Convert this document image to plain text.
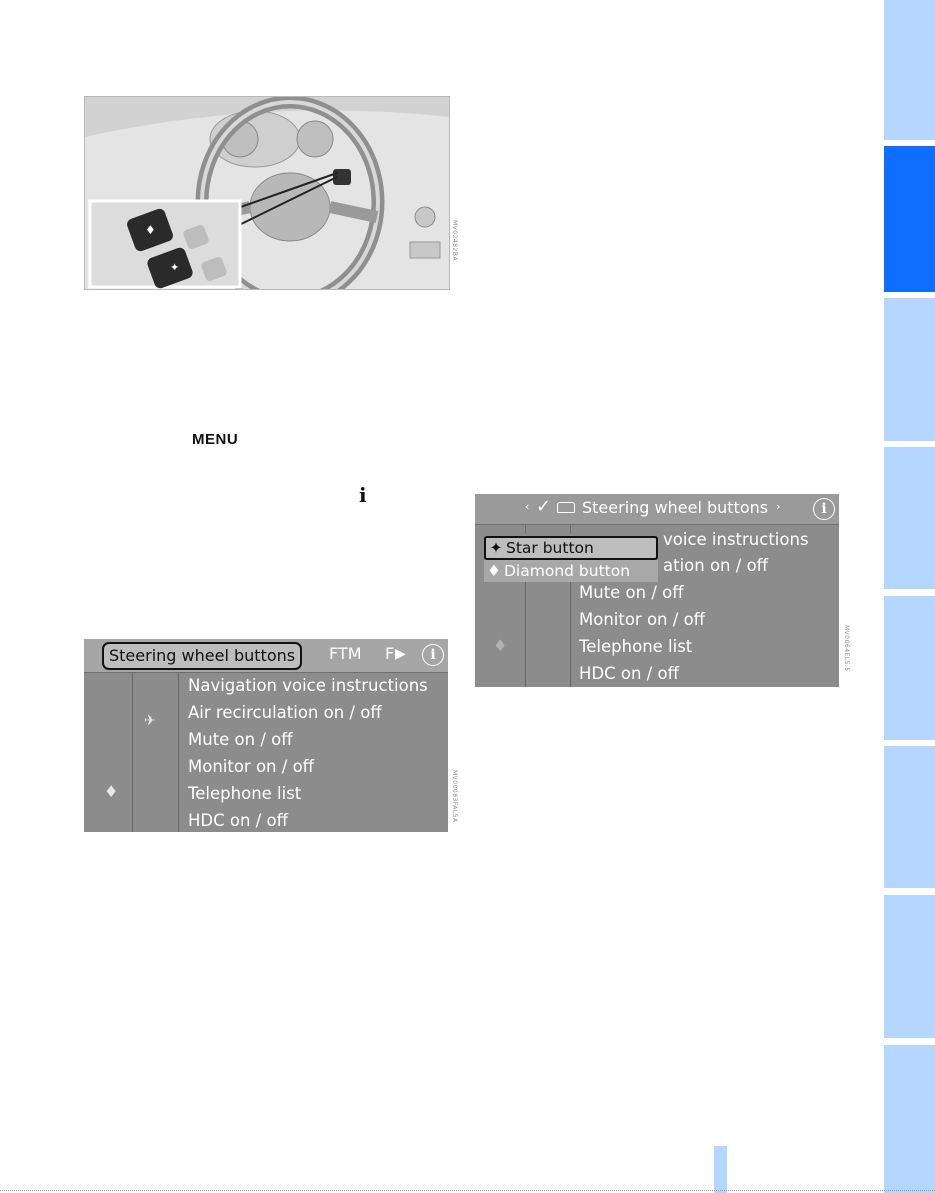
♦
✦
MV02482BA
MENU
i
Steering wheel buttons	FTM F ▶	i
✈
♦
Navigation voice instructions
Air recirculation on / off
Mute on / off
Monitor on / off
Telephone list
HDC on / off	MV00083FAL5A
‹ ✓ Steering wheel buttons ›	i
voice instructions
ation on / off
Mute on / off
Monitor on / off
Telephone list
HDC on / off
♦
✦ Star button
♦ Diamond button
MV0064ELS.5
